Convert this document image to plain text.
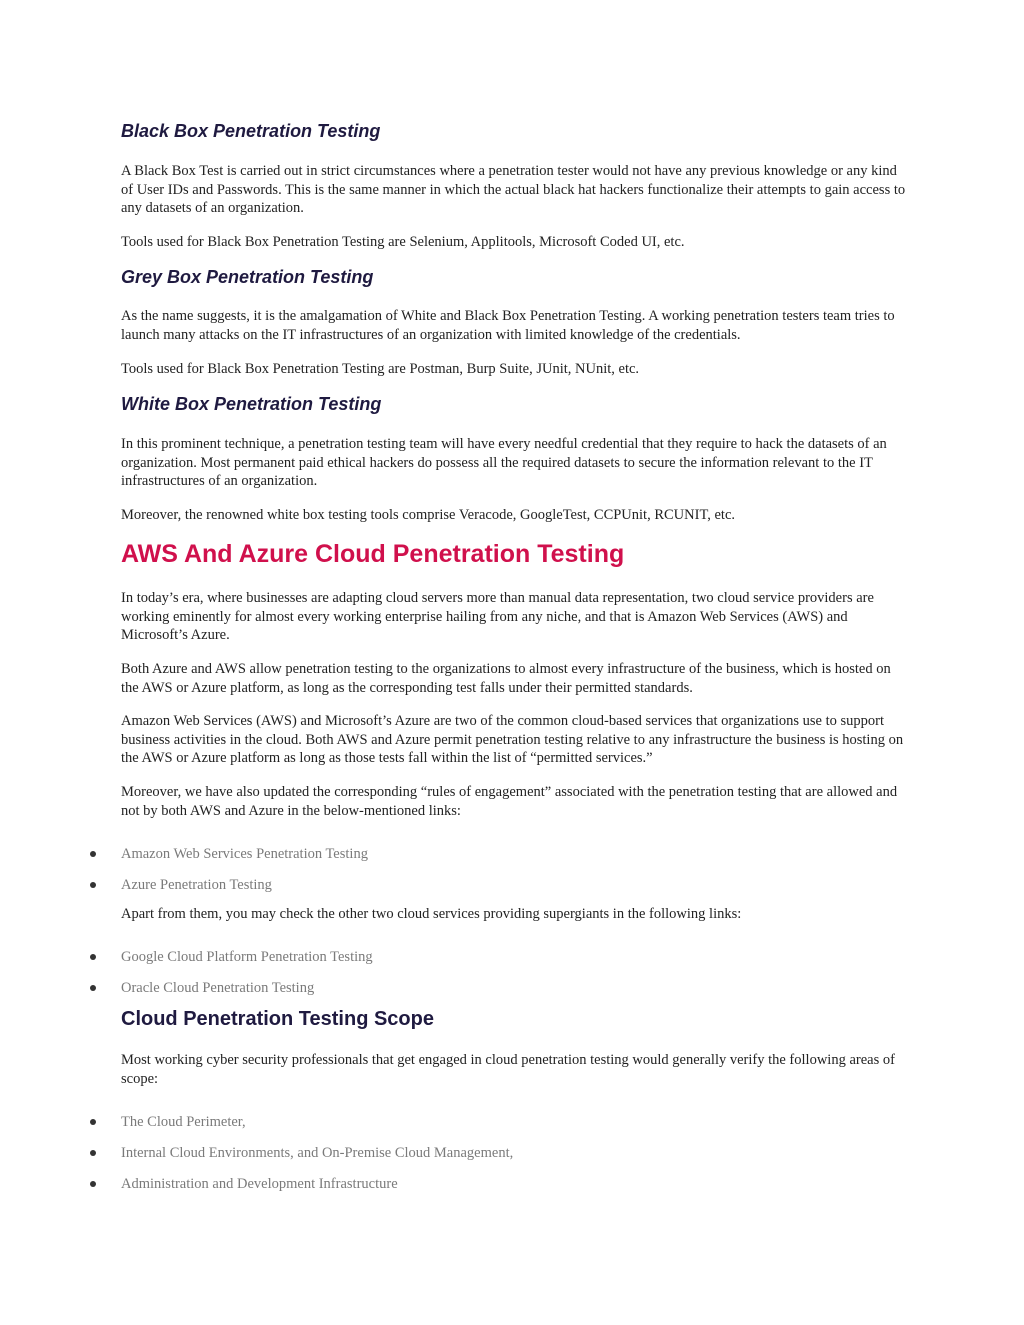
Black Box Penetration Testing

A Black Box Test is carried out in strict circumstances where a penetration tester would not have any previous knowledge or any kind of User IDs and Passwords. This is the same manner in which the actual black hat hackers functionalize their attempts to gain access to any datasets of an organization.

Tools used for Black Box Penetration Testing are Selenium, Applitools, Microsoft Coded UI, etc.

Grey Box Penetration Testing

As the name suggests, it is the amalgamation of White and Black Box Penetration Testing. A working penetration testers team tries to launch many attacks on the IT infrastructures of an organization with limited knowledge of the credentials.

Tools used for Black Box Penetration Testing are Postman, Burp Suite, JUnit, NUnit, etc.

White Box Penetration Testing

In this prominent technique, a penetration testing team will have every needful credential that they require to hack the datasets of an organization. Most permanent paid ethical hackers do possess all the required datasets to secure the information relevant to the IT infrastructures of an organization.

Moreover, the renowned white box testing tools comprise Veracode, GoogleTest, CCPUnit, RCUNIT, etc.

AWS And Azure Cloud Penetration Testing

In today’s era, where businesses are adapting cloud servers more than manual data representation, two cloud service providers are working eminently for almost every working enterprise hailing from any niche, and that is Amazon Web Services (AWS) and Microsoft’s Azure.

Both Azure and AWS allow penetration testing to the organizations to almost every infrastructure of the business, which is hosted on the AWS or Azure platform, as long as the corresponding test falls under their permitted standards.

Amazon Web Services (AWS) and Microsoft’s Azure are two of the common cloud-based services that organizations use to support business activities in the cloud. Both AWS and Azure permit penetration testing relative to any infrastructure the business is hosting on the AWS or Azure platform as long as those tests fall within the list of “permitted services.”

Moreover, we have also updated the corresponding “rules of engagement” associated with the penetration testing that are allowed and not by both AWS and Azure in the below-mentioned links:

Amazon Web Services Penetration Testing
Azure Penetration Testing

Apart from them, you may check the other two cloud services providing supergiants in the following links:

Google Cloud Platform Penetration Testing
Oracle Cloud Penetration Testing
Cloud Penetration Testing Scope

Most working cyber security professionals that get engaged in cloud penetration testing would generally verify the following areas of scope:

The Cloud Perimeter,
Internal Cloud Environments, and On-Premise Cloud Management,
Administration and Development Infrastructure
